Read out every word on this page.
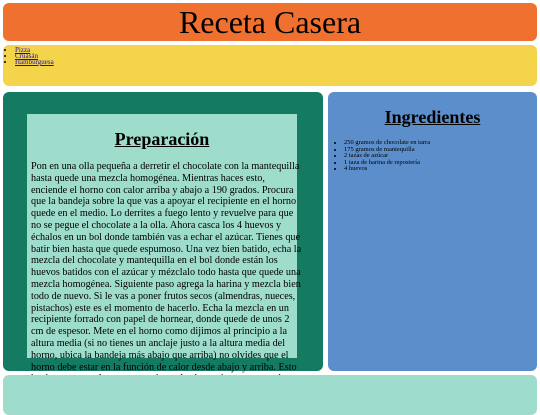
Receta Casera
• Pizza
• Cruasán
• Hamburguesa
Preparación

Pon en una olla pequeña a derretir el chocolate con la mantequilla hasta quede una mezcla homogénea. Mientras haces esto, enciende el horno con calor arriba y abajo a 190 grados. Procura que la bandeja sobre la que vas a apoyar el recipiente en el horno quede en el medio. Lo derrites a fuego lento y revuelve para que no se pegue el chocolate a la olla. Ahora casca los 4 huevos y échalos en un bol donde también vas a echar el azúcar. Tienes que batir bien hasta que quede espumoso. Una vez bien batido, echa la mezcla del chocolate y mantequilla en el bol donde están los huevos batidos con el azúcar y mézclalo todo hasta que quede una mezcla homogénea. Siguiente paso agrega la harina y mezcla bien todo de nuevo. Si le vas a poner frutos secos (almendras, nueces, pistachos) este es el momento de hacerlo. Echa la mezcla en un recipiente forrado con papel de hornear, donde quede de unos 2 cm de espesor. Mete en el horno como dijimos al principio a la altura media (si no tienes un anclaje justo a la altura media del horno, ubica la bandeja más abajo que arriba) no olvides que el horno debe estar en la función de calor desde abajo y arriba. Esto

Ingredientes
• 250 gramos de chocolate en tarra
• 175 gramos de mantequilla
• 2 tazas de azúcar
• 1 taza de harina de repostería
• 4 huevos
